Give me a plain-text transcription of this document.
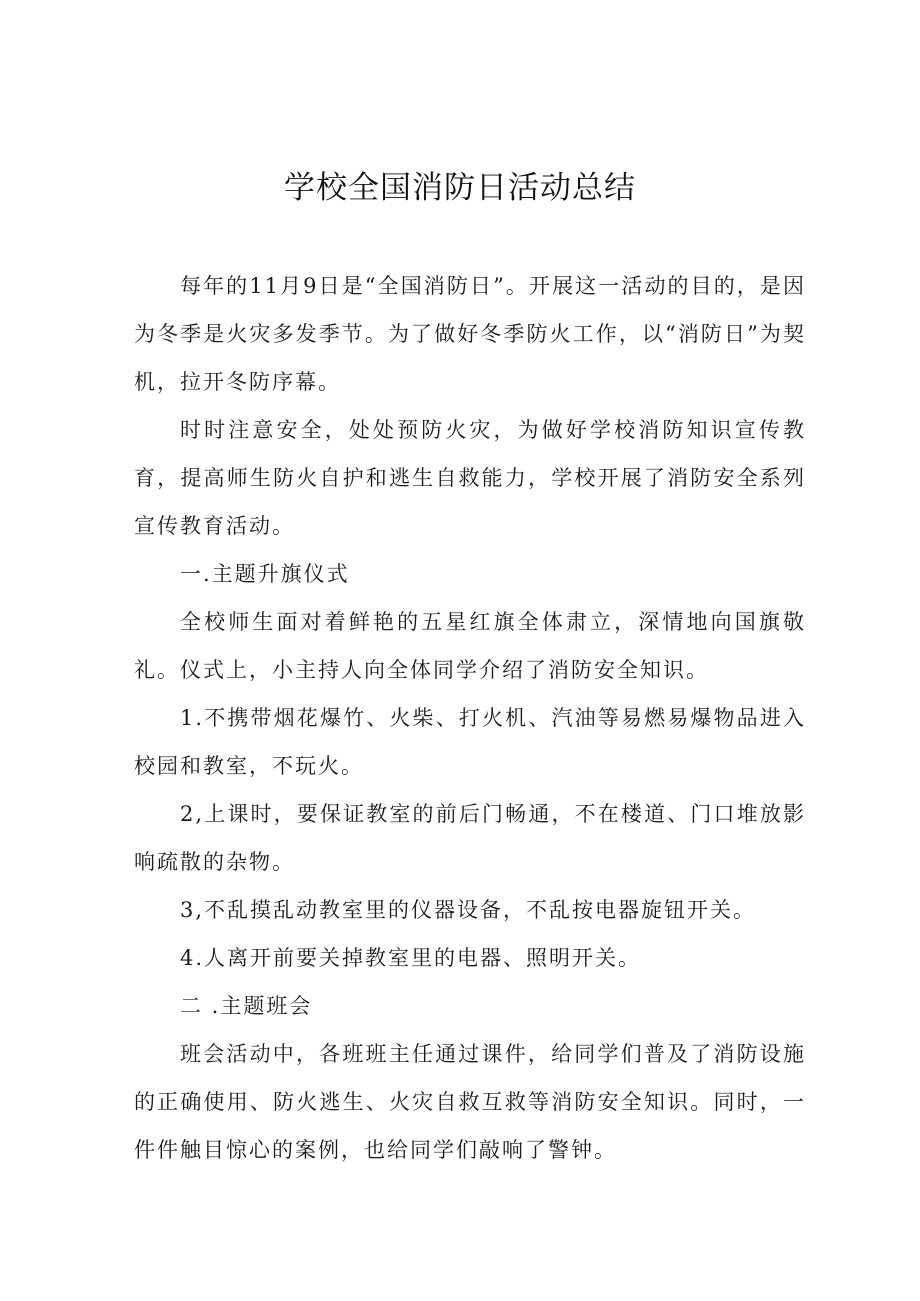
学校全国消防日活动总结

每年的11月9日是“全国消防日”。开展这一活动的目的，是因为冬季是火灾多发季节。为了做好冬季防火工作，以“消防日”为契机，拉开冬防序幕。

时时注意安全，处处预防火灾，为做好学校消防知识宣传教育，提高师生防火自护和逃生自救能力，学校开展了消防安全系列宣传教育活动。

一.主题升旗仪式

全校师生面对着鲜艳的五星红旗全体肃立，深情地向国旗敬礼。仪式上，小主持人向全体同学介绍了消防安全知识。

1.不携带烟花爆竹、火柴、打火机、汽油等易燃易爆物品进入校园和教室，不玩火。

2,上课时，要保证教室的前后门畅通，不在楼道、门口堆放影响疏散的杂物。

3,不乱摸乱动教室里的仪器设备，不乱按电器旋钮开关。

4.人离开前要关掉教室里的电器、照明开关。

二 .主题班会

班会活动中，各班班主任通过课件，给同学们普及了消防设施的正确使用、防火逃生、火灾自救互救等消防安全知识。同时，一件件触目惊心的案例，也给同学们敲响了警钟。
